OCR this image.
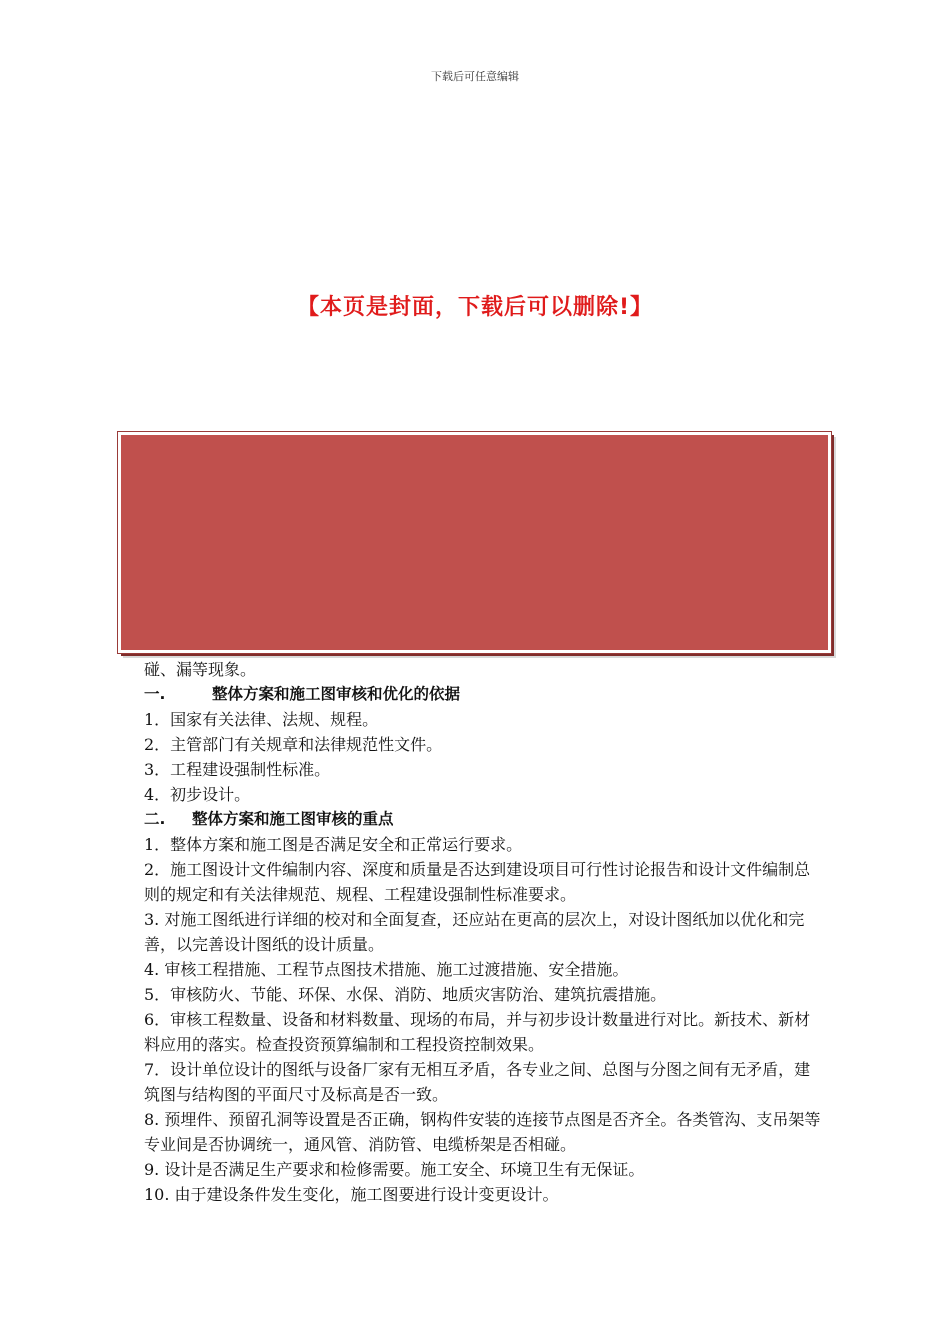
下载后可任意编辑
【本页是封面，下载后可以删除!】

碰、漏等现象。

一.	整体方案和施工图审核和优化的依据

1．国家有关法律、法规、规程。

2．主管部门有关规章和法律规范性文件。

3．工程建设强制性标准。

4．初步设计。

二. 整体方案和施工图审核的重点

1．整体方案和施工图是否满足安全和正常运行要求。

2．施工图设计文件编制内容、深度和质量是否达到建设项目可行性讨论报告和设计文件编制总则的规定和有关法律规范、规程、工程建设强制性标准要求。

3. 对施工图纸进行详细的校对和全面复查，还应站在更高的层次上，对设计图纸加以优化和完善，以完善设计图纸的设计质量。

4. 审核工程措施、工程节点图技术措施、施工过渡措施、安全措施。

5．审核防火、节能、环保、水保、消防、地质灾害防治、建筑抗震措施。

6．审核工程数量、设备和材料数量、现场的布局，并与初步设计数量进行对比。新技术、新材料应用的落实。检查投资预算编制和工程投资控制效果。

7．设计单位设计的图纸与设备厂家有无相互矛盾，各专业之间、总图与分图之间有无矛盾，建筑图与结构图的平面尺寸及标高是否一致。

8. 预埋件、预留孔洞等设置是否正确，钢构件安装的连接节点图是否齐全。各类管沟、支吊架等专业间是否协调统一，通风管、消防管、电缆桥架是否相碰。

9. 设计是否满足生产要求和检修需要。施工安全、环境卫生有无保证。

10. 由于建设条件发生变化，施工图要进行设计变更设计。
